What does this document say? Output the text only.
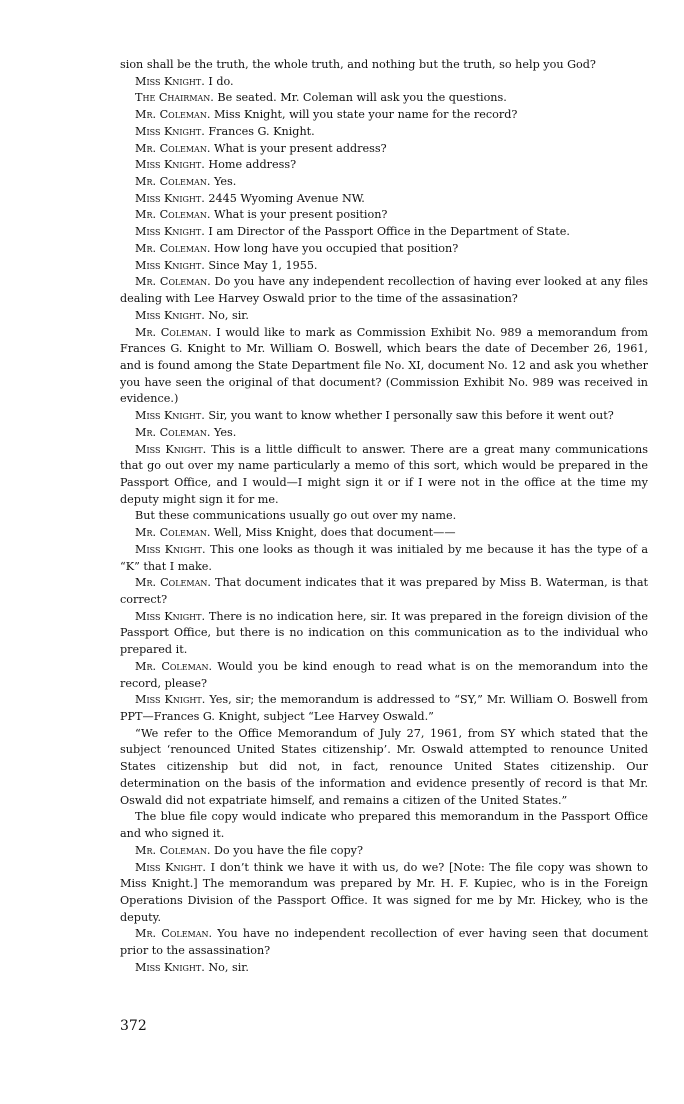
sion shall be the truth, the whole truth, and nothing but the truth, so help you God?

Miss Knight. I do.

The Chairman. Be seated. Mr. Coleman will ask you the questions.

Mr. Coleman. Miss Knight, will you state your name for the record?

Miss Knight. Frances G. Knight.

Mr. Coleman. What is your present address?

Miss Knight. Home address?

Mr. Coleman. Yes.

Miss Knight. 2445 Wyoming Avenue NW.

Mr. Coleman. What is your present position?

Miss Knight. I am Director of the Passport Office in the Department of State.

Mr. Coleman. How long have you occupied that position?

Miss Knight. Since May 1, 1955.

Mr. Coleman. Do you have any independent recollection of having ever looked at any files dealing with Lee Harvey Oswald prior to the time of the assasination?

Miss Knight. No, sir.

Mr. Coleman. I would like to mark as Commission Exhibit No. 989 a memorandum from Frances G. Knight to Mr. William O. Boswell, which bears the date of December 26, 1961, and is found among the State Department file No. XI, document No. 12 and ask you whether you have seen the original of that document? (Commission Exhibit No. 989 was received in evidence.)

Miss Knight. Sir, you want to know whether I personally saw this before it went out?

Mr. Coleman. Yes.

Miss Knight. This is a little difficult to answer. There are a great many communications that go out over my name particularly a memo of this sort, which would be prepared in the Passport Office, and I would—I might sign it or if I were not in the office at the time my deputy might sign it for me.

But these communications usually go out over my name.

Mr. Coleman. Well, Miss Knight, does that document——

Miss Knight. This one looks as though it was initialed by me because it has the type of a “K” that I make.

Mr. Coleman. That document indicates that it was prepared by Miss B. Waterman, is that correct?

Miss Knight. There is no indication here, sir. It was prepared in the foreign division of the Passport Office, but there is no indication on this communication as to the individual who prepared it.

Mr. Coleman. Would you be kind enough to read what is on the memorandum into the record, please?

Miss Knight. Yes, sir; the memorandum is addressed to “SY,” Mr. William O. Boswell from PPT—Frances G. Knight, subject “Lee Harvey Oswald.”

“We refer to the Office Memorandum of July 27, 1961, from SY which stated that the subject ‘renounced United States citizenship’. Mr. Oswald attempted to renounce United States citizenship but did not, in fact, renounce United States citizenship. Our determination on the basis of the information and evidence presently of record is that Mr. Oswald did not expatriate himself, and remains a citizen of the United States.”

The blue file copy would indicate who prepared this memorandum in the Passport Office and who signed it.

Mr. Coleman. Do you have the file copy?

Miss Knight. I don’t think we have it with us, do we? [Note: The file copy was shown to Miss Knight.] The memorandum was prepared by Mr. H. F. Kupiec, who is in the Foreign Operations Division of the Passport Office. It was signed for me by Mr. Hickey, who is the deputy.

Mr. Coleman. You have no independent recollection of ever having seen that document prior to the assassination?

Miss Knight. No, sir.

372
